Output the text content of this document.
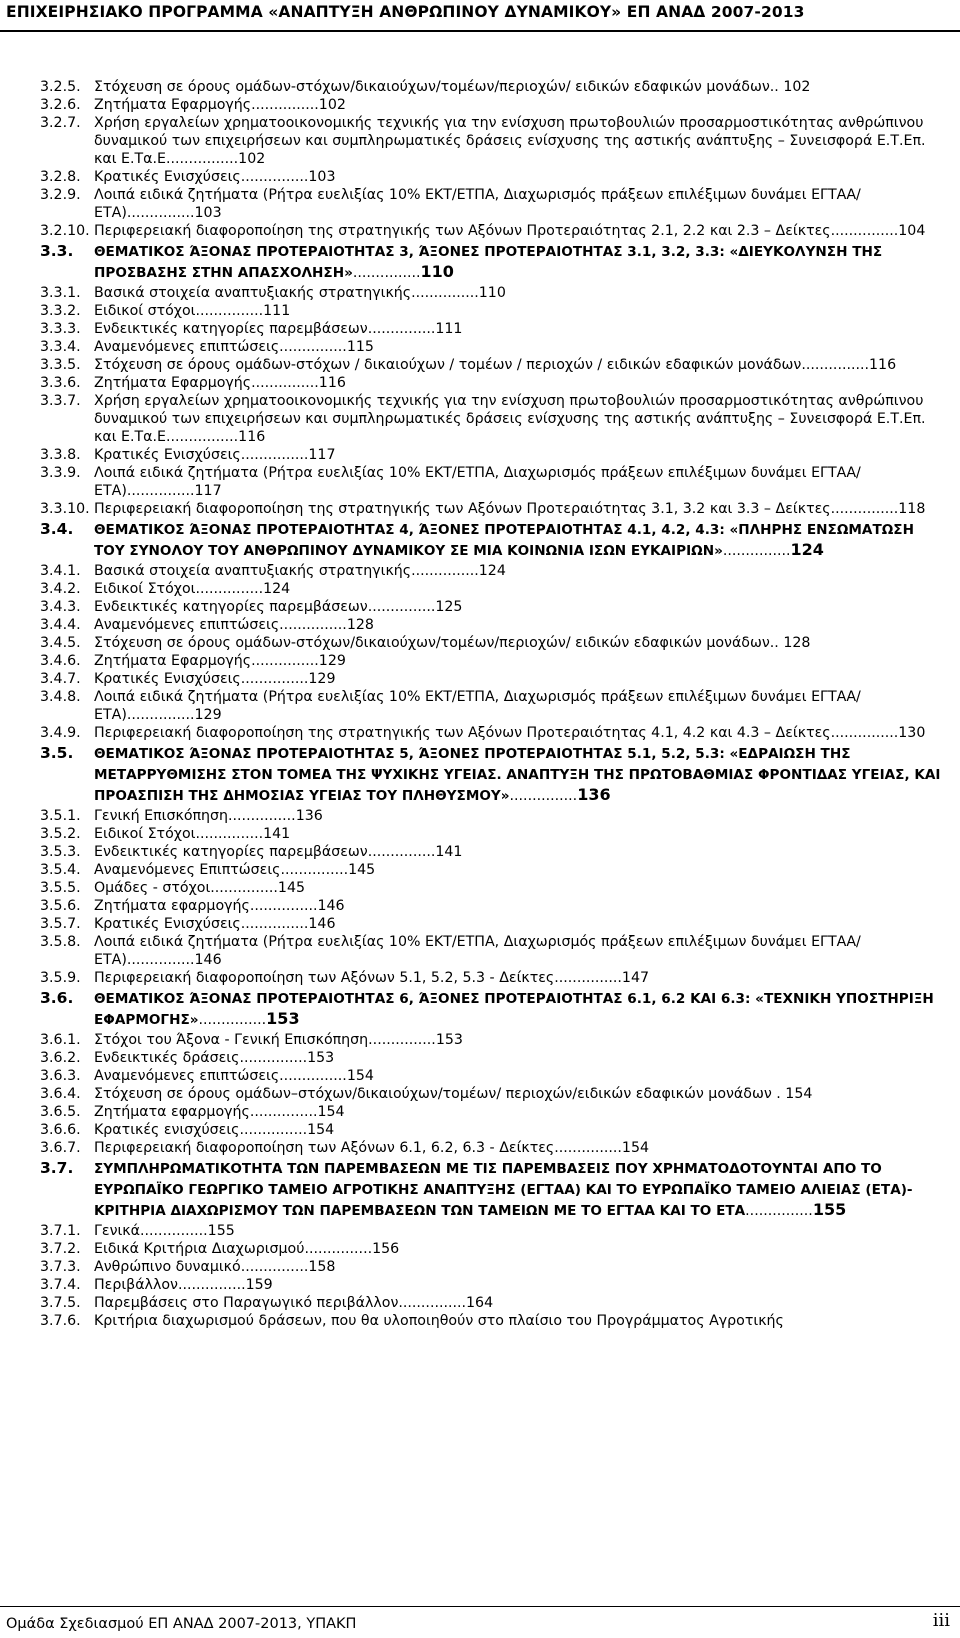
ΕΠΙΧΕΙΡΗΣΙΑΚΟ ΠΡΟΓΡΑΜΜΑ «ΑΝΑΠΤΥΞΗ ΑΝΘΡΩΠΙΝΟΥ ΔΥΝΑΜΙΚΟΥ» ΕΠ ΑΝΑΔ 2007-2013
3.2.5. Στόχευση σε όρους ομάδων-στόχων/δικαιούχων/τομέων/περιοχών/ ειδικών εδαφικών μονάδων.. 102
3.2.6. Ζητήματα Εφαρμογής...............102
3.2.7. Χρήση εργαλείων χρηματοοικονομικής τεχνικής για την ενίσχυση πρωτοβουλιών προσαρμοστικότητας ανθρώπινου δυναμικού των επιχειρήσεων και συμπληρωματικές δράσεις ενίσχυσης της αστικής ανάπτυξης – Συνεισφορά Ε.Τ.Επ. και Ε.Τα.Ε................102
3.2.8. Κρατικές Ενισχύσεις...............103
3.2.9. Λοιπά ειδικά ζητήματα (Ρήτρα ευελιξίας 10% ΕΚΤ/ΕΤΠΑ, Διαχωρισμός πράξεων επιλέξιμων δυνάμει ΕΓΤΑΑ/ΕΤΑ)...............103
3.2.10. Περιφερειακή διαφοροποίηση της στρατηγικής των Αξόνων Προτεραιότητας 2.1, 2.2 και 2.3 – Δείκτες...............104
3.3. ΘΕΜΑΤΙΚΟΣ ΆΞΟΝΑΣ ΠΡΟΤΕΡΑΙΟΤΗΤΑΣ 3, ΆΞΟΝΕΣ ΠΡΟΤΕΡΑΙΟΤΗΤΑΣ 3.1, 3.2, 3.3: «ΔΙΕΥΚΟΛΥΝΣΗ ΤΗΣ ΠΡΟΣΒΑΣΗΣ ΣΤΗΝ ΑΠΑΣΧΟΛΗΣΗ»...............110
3.3.1. Βασικά στοιχεία αναπτυξιακής στρατηγικής...............110
3.3.2. Ειδικοί στόχοι...............111
3.3.3. Ενδεικτικές κατηγορίες παρεμβάσεων...............111
3.3.4. Αναμενόμενες επιπτώσεις...............115
3.3.5. Στόχευση σε όρους ομάδων-στόχων / δικαιούχων / τομέων / περιοχών / ειδικών εδαφικών μονάδων...............116
3.3.6. Ζητήματα Εφαρμογής...............116
3.3.7. Χρήση εργαλείων χρηματοοικονομικής τεχνικής για την ενίσχυση πρωτοβουλιών προσαρμοστικότητας ανθρώπινου δυναμικού των επιχειρήσεων και συμπληρωματικές δράσεις ενίσχυσης της αστικής ανάπτυξης – Συνεισφορά Ε.Τ.Επ. και Ε.Τα.Ε................116
3.3.8. Κρατικές Ενισχύσεις...............117
3.3.9. Λοιπά ειδικά ζητήματα (Ρήτρα ευελιξίας 10% ΕΚΤ/ΕΤΠΑ, Διαχωρισμός πράξεων επιλέξιμων δυνάμει ΕΓΤΑΑ/ΕΤΑ)...............117
3.3.10. Περιφερειακή διαφοροποίηση της στρατηγικής των Αξόνων Προτεραιότητας 3.1, 3.2 και 3.3 – Δείκτες...............118
3.4. ΘΕΜΑΤΙΚΟΣ ΆΞΟΝΑΣ ΠΡΟΤΕΡΑΙΟΤΗΤΑΣ 4, ΆΞΟΝΕΣ ΠΡΟΤΕΡΑΙΟΤΗΤΑΣ 4.1, 4.2, 4.3: «ΠΛΗΡΗΣ ΕΝΣΩΜΑΤΩΣΗ ΤΟΥ ΣΥΝΟΛΟΥ ΤΟΥ ΑΝΘΡΩΠΙΝΟΥ ΔΥΝΑΜΙΚΟΥ ΣΕ ΜΙΑ ΚΟΙΝΩΝΙΑ ΙΣΩΝ ΕΥΚΑΙΡΙΩΝ»...............124
3.4.1. Βασικά στοιχεία αναπτυξιακής στρατηγικής...............124
3.4.2. Ειδικοί Στόχοι...............124
3.4.3. Ενδεικτικές κατηγορίες παρεμβάσεων...............125
3.4.4. Αναμενόμενες επιπτώσεις...............128
3.4.5. Στόχευση σε όρους ομάδων-στόχων/δικαιούχων/τομέων/περιοχών/ ειδικών εδαφικών μονάδων.. 128
3.4.6. Ζητήματα Εφαρμογής...............129
3.4.7. Κρατικές Ενισχύσεις...............129
3.4.8. Λοιπά ειδικά ζητήματα (Ρήτρα ευελιξίας 10% ΕΚΤ/ΕΤΠΑ, Διαχωρισμός πράξεων επιλέξιμων δυνάμει ΕΓΤΑΑ/ ΕΤΑ)...............129
3.4.9. Περιφερειακή διαφοροποίηση της στρατηγικής των Αξόνων Προτεραιότητας 4.1, 4.2 και 4.3 – Δείκτες...............130
3.5. ΘΕΜΑΤΙΚΟΣ ΆΞΟΝΑΣ ΠΡΟΤΕΡΑΙΟΤΗΤΑΣ 5, ΆΞΟΝΕΣ ΠΡΟΤΕΡΑΙΟΤΗΤΑΣ 5.1, 5.2, 5.3: «ΕΔΡΑΙΩΣΗ ΤΗΣ ΜΕΤΑΡΡΥΘΜΙΣΗΣ ΣΤΟΝ ΤΟΜΕΑ ΤΗΣ ΨΥΧΙΚΗΣ ΥΓΕΙΑΣ. ΑΝΑΠΤΥΞΗ ΤΗΣ ΠΡΩΤΟΒΑΘΜΙΑΣ ΦΡΟΝΤΙΔΑΣ ΥΓΕΙΑΣ, ΚΑΙ ΠΡΟΑΣΠΙΣΗ ΤΗΣ ΔΗΜΟΣΙΑΣ ΥΓΕΙΑΣ ΤΟΥ ΠΛΗΘΥΣΜΟΥ»...............136
3.5.1. Γενική Επισκόπηση...............136
3.5.2. Ειδικοί Στόχοι...............141
3.5.3. Ενδεικτικές κατηγορίες παρεμβάσεων...............141
3.5.4. Αναμενόμενες Επιπτώσεις...............145
3.5.5. Ομάδες - στόχοι...............145
3.5.6. Ζητήματα εφαρμογής...............146
3.5.7. Κρατικές Ενισχύσεις...............146
3.5.8. Λοιπά ειδικά ζητήματα (Ρήτρα ευελιξίας 10% ΕΚΤ/ΕΤΠΑ, Διαχωρισμός πράξεων επιλέξιμων δυνάμει ΕΓΤΑΑ/ ΕΤΑ)...............146
3.5.9. Περιφερειακή διαφοροποίηση των Αξόνων 5.1, 5.2, 5.3 - Δείκτες...............147
3.6. ΘΕΜΑΤΙΚΟΣ ΆΞΟΝΑΣ ΠΡΟΤΕΡΑΙΟΤΗΤΑΣ 6, ΆΞΟΝΕΣ ΠΡΟΤΕΡΑΙΟΤΗΤΑΣ 6.1, 6.2 ΚΑΙ 6.3: «ΤΕΧΝΙΚΗ ΥΠΟΣΤΗΡΙΞΗ ΕΦΑΡΜΟΓΗΣ»...............153
3.6.1. Στόχοι του Άξονα - Γενική Επισκόπηση...............153
3.6.2. Ενδεικτικές δράσεις...............153
3.6.3. Αναμενόμενες επιπτώσεις...............154
3.6.4. Στόχευση σε όρους ομάδων–στόχων/δικαιούχων/τομέων/ περιοχών/ειδικών εδαφικών μονάδων . 154
3.6.5. Ζητήματα εφαρμογής...............154
3.6.6. Κρατικές ενισχύσεις...............154
3.6.7. Περιφερειακή διαφοροποίηση των Αξόνων 6.1, 6.2, 6.3 - Δείκτες...............154
3.7. ΣΥΜΠΛΗΡΩΜΑΤΙΚΟΤΗΤΑ ΤΩΝ ΠΑΡΕΜΒΑΣΕΩΝ ΜΕ ΤΙΣ ΠΑΡΕΜΒΑΣΕΙΣ ΠΟΥ ΧΡΗΜΑΤΟΔΟΤΟΥΝΤΑΙ ΑΠΟ ΤΟ ΕΥΡΩΠΑΪΚΟ ΓΕΩΡΓΙΚΟ ΤΑΜΕΙΟ ΑΓΡΟΤΙΚΗΣ ΑΝΑΠΤΥΞΗΣ (ΕΓΤΑΑ) ΚΑΙ ΤΟ ΕΥΡΩΠΑΪΚΟ ΤΑΜΕΙΟ ΑΛΙΕΙΑΣ (ΕΤΑ)- ΚΡΙΤΗΡΙΑ ΔΙΑΧΩΡΙΣΜΟΥ ΤΩΝ ΠΑΡΕΜΒΑΣΕΩΝ ΤΩΝ ΤΑΜΕΙΩΝ ΜΕ ΤΟ ΕΓΤΑΑ ΚΑΙ ΤΟ ΕΤΑ...............155
3.7.1. Γενικά...............155
3.7.2. Ειδικά Κριτήρια Διαχωρισμού...............156
3.7.3. Ανθρώπινο δυναμικό...............158
3.7.4. Περιβάλλον...............159
3.7.5. Παρεμβάσεις στο Παραγωγικό περιβάλλον...............164
3.7.6. Κριτήρια διαχωρισμού δράσεων, που θα υλοποιηθούν στο πλαίσιο του Προγράμματος Αγροτικής
Ομάδα Σχεδιασμού ΕΠ ΑΝΑΔ 2007-2013, ΥΠΑΚΠ	iii
